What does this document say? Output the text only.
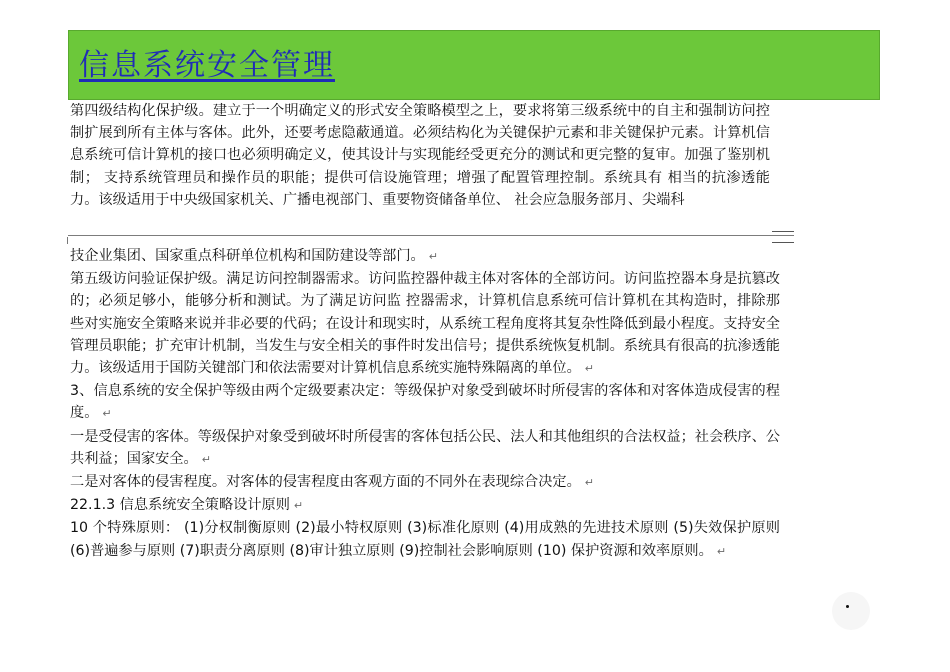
信息系统安全管理

第四级结构化保护级。建立于一个明确定义的形式安全策略模型之上，要求将第三级系统中的自主和强制访问控制扩展到所有主体与客体。此外，还要考虑隐蔽通道。必须结构化为关键保护元素和非关键保护元素。计算机信息系统可信计算机的接口也必须明确定义，使其设计与实现能经受更充分的测试和更完整的复审。加强了鉴别机制； 支持系统管理员和操作员的职能；提供可信设施管理；增强了配置管理控制。系统具有 相当的抗渗透能力。该级适用于中央级国家机关、广播电视部门、重要物资储备单位、 社会应急服务部月、尖端科

技企业集团、国家重点科研单位机构和国防建设等部门。 ↵

第五级访问验证保护级。满足访问控制器需求。访问监控器仲裁主体对客体的全部访问。访问监控器本身是抗篡改的；必须足够小，能够分析和测试。为了满足访问监 控器需求，计算机信息系统可信计算机在其构造时，排除那些对实施安全策略来说并非必要的代码；在设计和现实时，从系统工程角度将其复杂性降低到最小程度。支持安全管理员职能；扩充审计机制，当发生与安全相关的事件时发出信号；提供系统恢复机制。系统具有很高的抗渗透能力。该级适用于国防关键部门和依法需要对计算机信息系统实施特殊隔离的单位。 ↵

3、信息系统的安全保护等级由两个定级要素决定：等级保护对象受到破坏时所侵害的客体和对客体造成侵害的程度。 ↵

一是受侵害的客体。等级保护对象受到破坏时所侵害的客体包括公民、法人和其他组织的合法权益；社会秩序、公共利益；国家安全。 ↵

二是对客体的侵害程度。对客体的侵害程度由客观方面的不同外在表现综合决定。 ↵

22.1.3 信息系统安全策略设计原则 ↵

10 个特殊原则： (1)分权制衡原则 (2)最小特权原则 (3)标准化原则 (4)用成熟的先进技术原则 (5)失效保护原则 (6)普遍参与原则 (7)职责分离原则 (8)审计独立原则 (9)控制社会影响原则 (10) 保护资源和效率原则。 ↵
